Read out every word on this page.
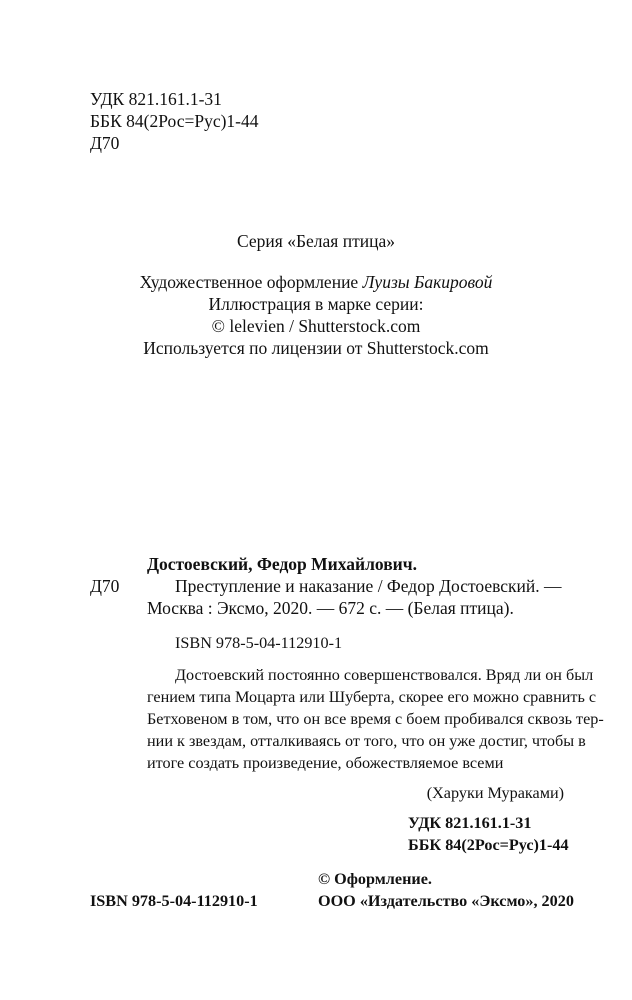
УДК 821.161.1-31
ББК 84(2Рос=Рус)1-44
Д70
Серия «Белая птица»
Художественное оформление Луизы Бакировой
Иллюстрация в марке серии:
© lelevien / Shutterstock.com
Используется по лицензии от Shutterstock.com
Достоевский, Федор Михайлович.
Д70	Преступление и наказание / Федор Достоевский. —
Москва : Эксмо, 2020. — 672 с. — (Белая птица).
ISBN 978-5-04-112910-1
Достоевский постоянно совершенствовался. Вряд ли он был
гением типа Моцарта или Шуберта, скорее его можно сравнить с
Бетховеном в том, что он все время с боем пробивался сквозь тер-
нии к звездам, отталкиваясь от того, что он уже достиг, чтобы в
итоге создать произведение, обожествляемое всеми
(Харуки Мураками)
УДК 821.161.1-31
ББК 84(2Рос=Рус)1-44
ISBN 978-5-04-112910-1
© Оформление.
ООО «Издательство «Эксмо», 2020
